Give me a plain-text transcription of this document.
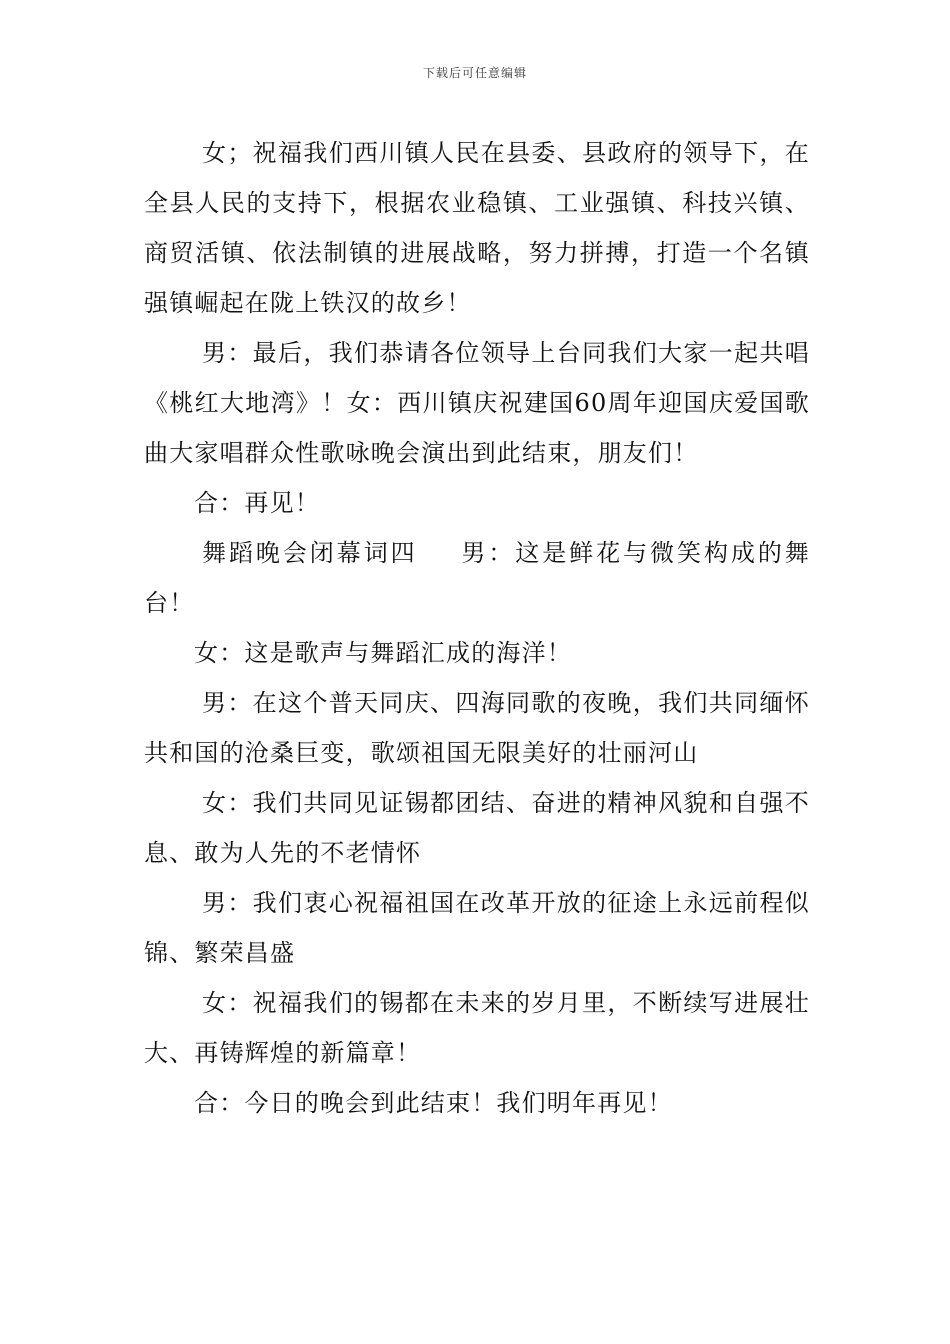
下载后可任意编辑

女；祝福我们西川镇人民在县委、县政府的领导下，在全县人民的支持下，根据农业稳镇、工业强镇、科技兴镇、商贸活镇、依法制镇的进展战略，努力拼搏，打造一个名镇强镇崛起在陇上铁汉的故乡！

男：最后，我们恭请各位领导上台同我们大家一起共唱《桃红大地湾》！女：西川镇庆祝建国60周年迎国庆爱国歌曲大家唱群众性歌咏晚会演出到此结束，朋友们！

合：再见！

舞蹈晚会闭幕词四 男：这是鲜花与微笑构成的舞台！

女：这是歌声与舞蹈汇成的海洋！

男：在这个普天同庆、四海同歌的夜晚，我们共同缅怀共和国的沧桑巨变，歌颂祖国无限美好的壮丽河山

女：我们共同见证锡都团结、奋进的精神风貌和自强不息、敢为人先的不老情怀

男：我们衷心祝福祖国在改革开放的征途上永远前程似锦、繁荣昌盛

女：祝福我们的锡都在未来的岁月里，不断续写进展壮大、再铸辉煌的新篇章！

合：今日的晚会到此结束！我们明年再见！
